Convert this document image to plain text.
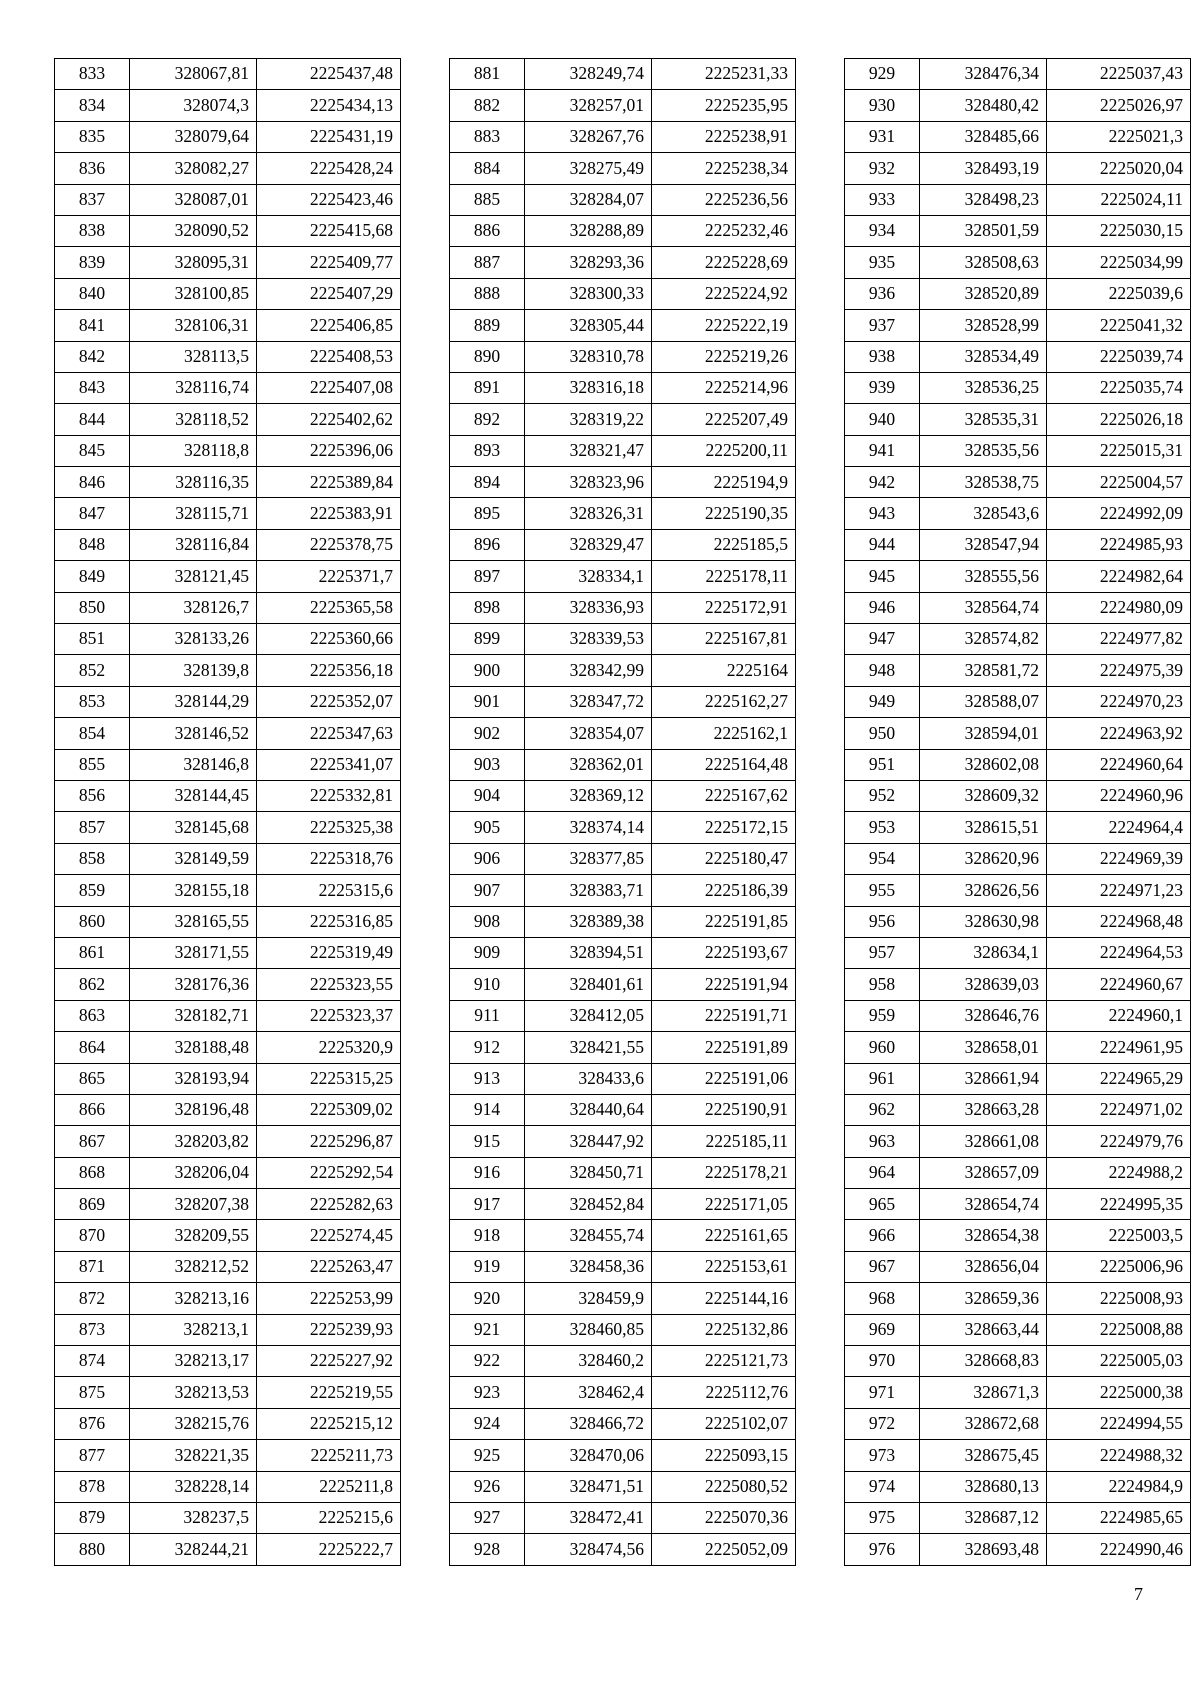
833	328067,81	2225437,48
834	328074,3	2225434,13
835	328079,64	2225431,19
836	328082,27	2225428,24
837	328087,01	2225423,46
838	328090,52	2225415,68
839	328095,31	2225409,77
840	328100,85	2225407,29
841	328106,31	2225406,85
842	328113,5	2225408,53
843	328116,74	2225407,08
844	328118,52	2225402,62
845	328118,8	2225396,06
846	328116,35	2225389,84
847	328115,71	2225383,91
848	328116,84	2225378,75
849	328121,45	2225371,7
850	328126,7	2225365,58
851	328133,26	2225360,66
852	328139,8	2225356,18
853	328144,29	2225352,07
854	328146,52	2225347,63
855	328146,8	2225341,07
856	328144,45	2225332,81
857	328145,68	2225325,38
858	328149,59	2225318,76
859	328155,18	2225315,6
860	328165,55	2225316,85
861	328171,55	2225319,49
862	328176,36	2225323,55
863	328182,71	2225323,37
864	328188,48	2225320,9
865	328193,94	2225315,25
866	328196,48	2225309,02
867	328203,82	2225296,87
868	328206,04	2225292,54
869	328207,38	2225282,63
870	328209,55	2225274,45
871	328212,52	2225263,47
872	328213,16	2225253,99
873	328213,1	2225239,93
874	328213,17	2225227,92
875	328213,53	2225219,55
876	328215,76	2225215,12
877	328221,35	2225211,73
878	328228,14	2225211,8
879	328237,5	2225215,6
880	328244,21	2225222,7
881	328249,74	2225231,33
882	328257,01	2225235,95
883	328267,76	2225238,91
884	328275,49	2225238,34
885	328284,07	2225236,56
886	328288,89	2225232,46
887	328293,36	2225228,69
888	328300,33	2225224,92
889	328305,44	2225222,19
890	328310,78	2225219,26
891	328316,18	2225214,96
892	328319,22	2225207,49
893	328321,47	2225200,11
894	328323,96	2225194,9
895	328326,31	2225190,35
896	328329,47	2225185,5
897	328334,1	2225178,11
898	328336,93	2225172,91
899	328339,53	2225167,81
900	328342,99	2225164
901	328347,72	2225162,27
902	328354,07	2225162,1
903	328362,01	2225164,48
904	328369,12	2225167,62
905	328374,14	2225172,15
906	328377,85	2225180,47
907	328383,71	2225186,39
908	328389,38	2225191,85
909	328394,51	2225193,67
910	328401,61	2225191,94
911	328412,05	2225191,71
912	328421,55	2225191,89
913	328433,6	2225191,06
914	328440,64	2225190,91
915	328447,92	2225185,11
916	328450,71	2225178,21
917	328452,84	2225171,05
918	328455,74	2225161,65
919	328458,36	2225153,61
920	328459,9	2225144,16
921	328460,85	2225132,86
922	328460,2	2225121,73
923	328462,4	2225112,76
924	328466,72	2225102,07
925	328470,06	2225093,15
926	328471,51	2225080,52
927	328472,41	2225070,36
928	328474,56	2225052,09
929	328476,34	2225037,43
930	328480,42	2225026,97
931	328485,66	2225021,3
932	328493,19	2225020,04
933	328498,23	2225024,11
934	328501,59	2225030,15
935	328508,63	2225034,99
936	328520,89	2225039,6
937	328528,99	2225041,32
938	328534,49	2225039,74
939	328536,25	2225035,74
940	328535,31	2225026,18
941	328535,56	2225015,31
942	328538,75	2225004,57
943	328543,6	2224992,09
944	328547,94	2224985,93
945	328555,56	2224982,64
946	328564,74	2224980,09
947	328574,82	2224977,82
948	328581,72	2224975,39
949	328588,07	2224970,23
950	328594,01	2224963,92
951	328602,08	2224960,64
952	328609,32	2224960,96
953	328615,51	2224964,4
954	328620,96	2224969,39
955	328626,56	2224971,23
956	328630,98	2224968,48
957	328634,1	2224964,53
958	328639,03	2224960,67
959	328646,76	2224960,1
960	328658,01	2224961,95
961	328661,94	2224965,29
962	328663,28	2224971,02
963	328661,08	2224979,76
964	328657,09	2224988,2
965	328654,74	2224995,35
966	328654,38	2225003,5
967	328656,04	2225006,96
968	328659,36	2225008,93
969	328663,44	2225008,88
970	328668,83	2225005,03
971	328671,3	2225000,38
972	328672,68	2224994,55
973	328675,45	2224988,32
974	328680,13	2224984,9
975	328687,12	2224985,65
976	328693,48	2224990,46
7
